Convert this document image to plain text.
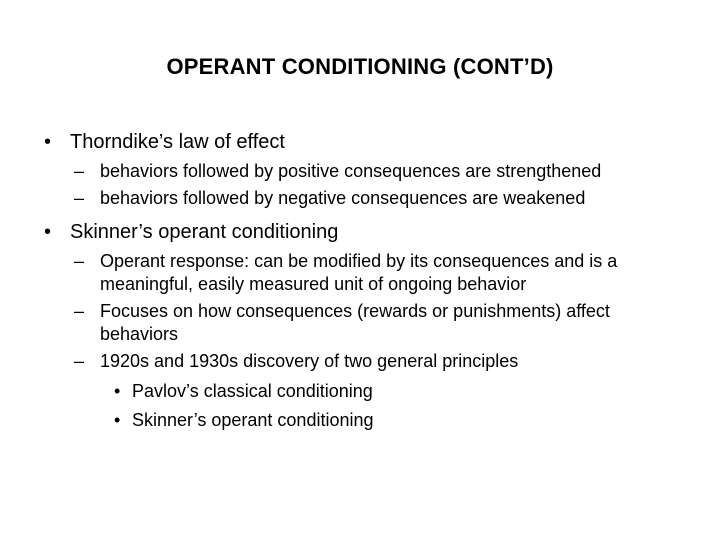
OPERANT CONDITIONING (CONT’D)
• Thorndike’s law of effect
– behaviors followed by positive consequences are strengthened
– behaviors followed by negative consequences are weakened
• Skinner’s operant conditioning
– Operant response: can be modified by its consequences and is a meaningful, easily measured unit of ongoing behavior
– Focuses on how consequences (rewards or punishments) affect behaviors
– 1920s and 1930s discovery of two general principles
• Pavlov’s classical conditioning
• Skinner’s operant conditioning
